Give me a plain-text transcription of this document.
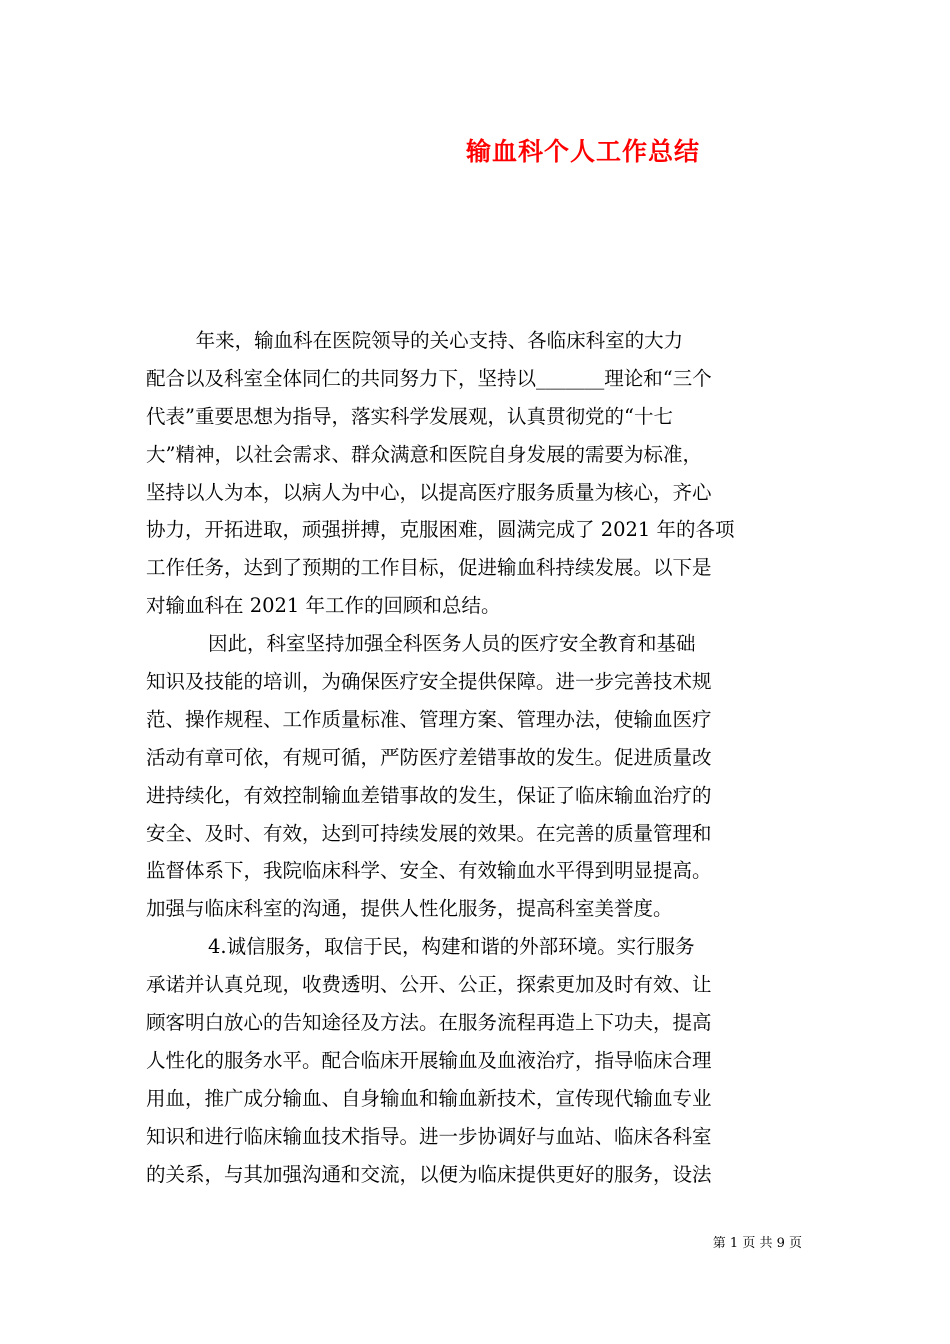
输血科个人工作总结
年来，输血科在医院领导的关心支持、各临床科室的大力
配合以及科室全体同仁的共同努力下，坚持以_______理论和“三个
代表”重要思想为指导，落实科学发展观，认真贯彻党的“十七
大”精神，以社会需求、群众满意和医院自身发展的需要为标准，
坚持以人为本，以病人为中心，以提高医疗服务质量为核心，齐心
协力，开拓进取，顽强拼搏，克服困难，圆满完成了 2021 年的各项
工作任务，达到了预期的工作目标，促进输血科持续发展。以下是
对输血科在 2021 年工作的回顾和总结。
因此，科室坚持加强全科医务人员的医疗安全教育和基础
知识及技能的培训，为确保医疗安全提供保障。进一步完善技术规
范、操作规程、工作质量标准、管理方案、管理办法，使输血医疗
活动有章可依，有规可循，严防医疗差错事故的发生。促进质量改
进持续化，有效控制输血差错事故的发生，保证了临床输血治疗的
安全、及时、有效，达到可持续发展的效果。在完善的质量管理和
监督体系下，我院临床科学、安全、有效输血水平得到明显提高。
加强与临床科室的沟通，提供人性化服务，提高科室美誉度。
4.诚信服务，取信于民，构建和谐的外部环境。实行服务
承诺并认真兑现，收费透明、公开、公正，探索更加及时有效、让
顾客明白放心的告知途径及方法。在服务流程再造上下功夫，提高
人性化的服务水平。配合临床开展输血及血液治疗，指导临床合理
用血，推广成分输血、自身输血和输血新技术，宣传现代输血专业
知识和进行临床输血技术指导。进一步协调好与血站、临床各科室
的关系，与其加强沟通和交流，以便为临床提供更好的服务，设法
第 1 页 共 9 页
